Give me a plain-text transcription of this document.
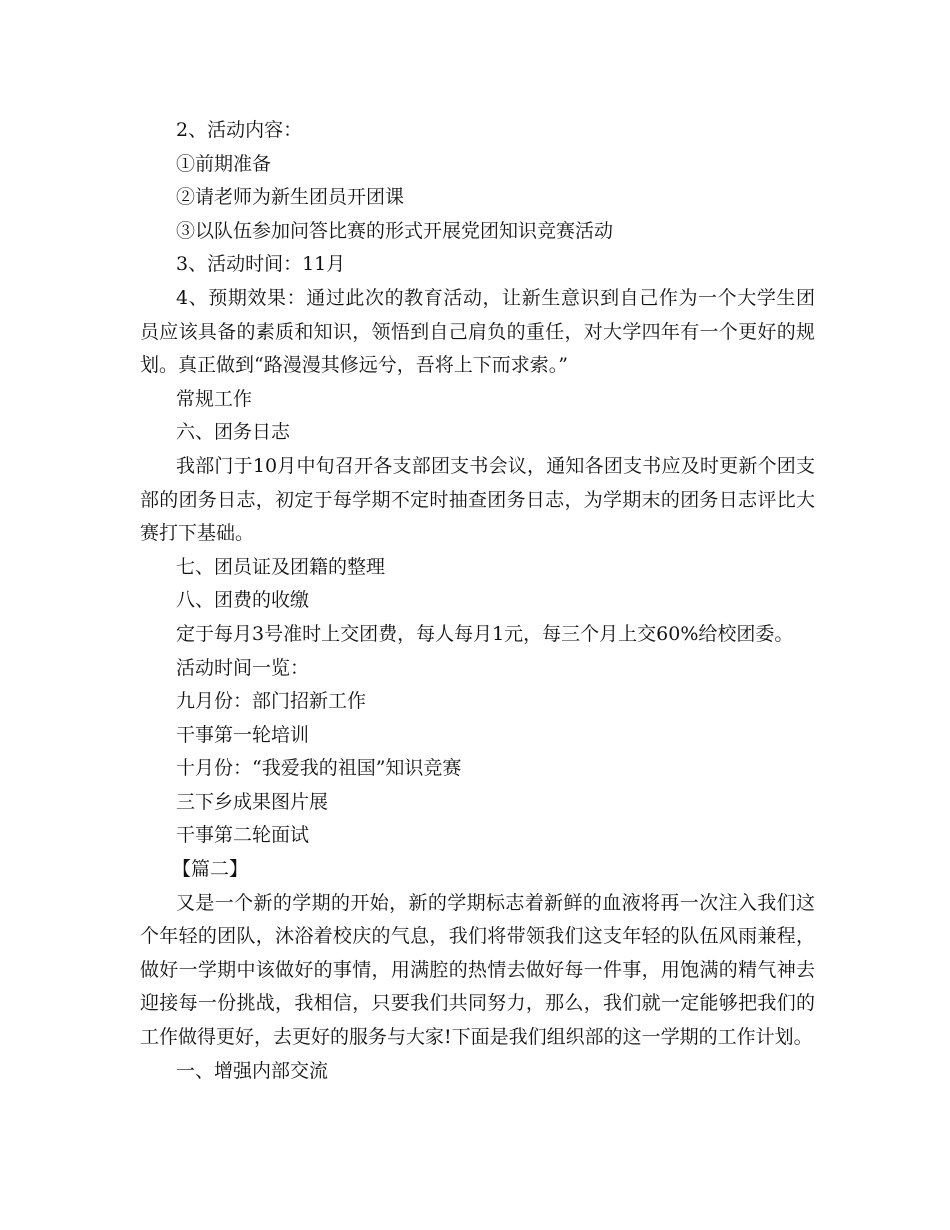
2、活动内容：

①前期准备

②请老师为新生团员开团课

③以队伍参加问答比赛的形式开展党团知识竞赛活动

3、活动时间：11月

4、预期效果：通过此次的教育活动，让新生意识到自己作为一个大学生团员应该具备的素质和知识，领悟到自己肩负的重任，对大学四年有一个更好的规划。真正做到“路漫漫其修远兮，吾将上下而求索。”

常规工作

六、团务日志

我部门于10月中旬召开各支部团支书会议，通知各团支书应及时更新个团支部的团务日志，初定于每学期不定时抽查团务日志，为学期末的团务日志评比大赛打下基础。

七、团员证及团籍的整理

八、团费的收缴

定于每月3号准时上交团费，每人每月1元，每三个月上交60%给校团委。

活动时间一览：

九月份：部门招新工作

干事第一轮培训

十月份：“我爱我的祖国”知识竞赛

三下乡成果图片展

干事第二轮面试

【篇二】

又是一个新的学期的开始，新的学期标志着新鲜的血液将再一次注入我们这个年轻的团队，沐浴着校庆的气息，我们将带领我们这支年轻的队伍风雨兼程，做好一学期中该做好的事情，用满腔的热情去做好每一件事，用饱满的精气神去迎接每一份挑战，我相信，只要我们共同努力，那么，我们就一定能够把我们的工作做得更好，去更好的服务与大家!下面是我们组织部的这一学期的工作计划。

一、增强内部交流
